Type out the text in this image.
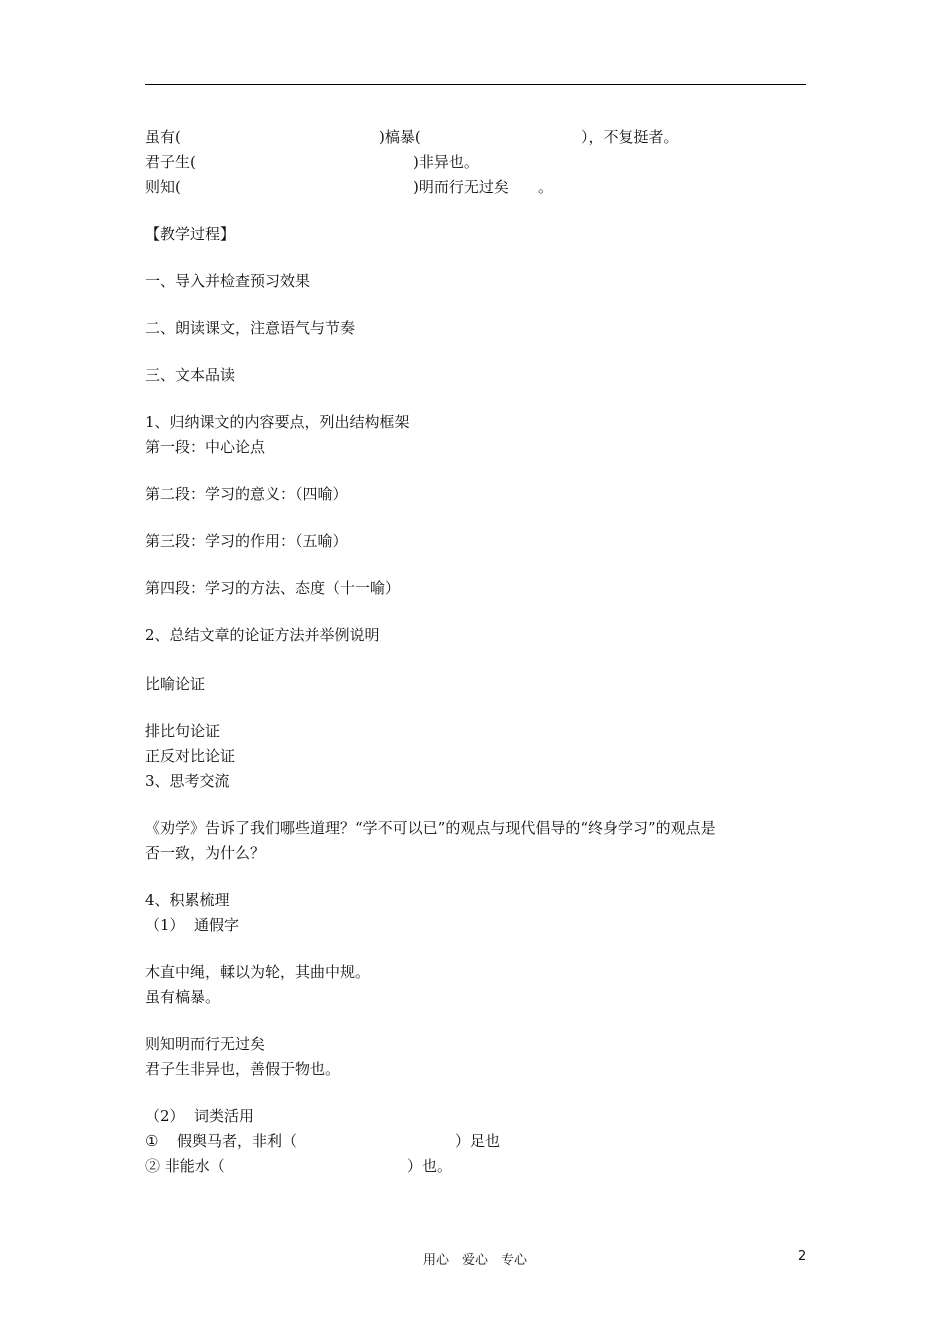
虽有(	)槁暴(	），不复挺者。
君子生(	)非异也。
则知(	)明而行无过矣 。
【教学过程】
一、导入并检查预习效果
二、朗读课文，注意语气与节奏
三、文本品读
1、归纳课文的内容要点，列出结构框架
第一段：中心论点
第二段：学习的意义：（四喻）
第三段：学习的作用：（五喻）
第四段：学习的方法、态度（十一喻）
2、总结文章的论证方法并举例说明
比喻论证
排比句论证
正反对比论证
3、思考交流
《劝学》告诉了我们哪些道理？“学不可以已”的观点与现代倡导的“终身学习”的观点是
否一致，为什么？
4、积累梳理
（1） 通假字
木直中绳，輮以为轮，其曲中规。
虽有槁暴。
则知明而行无过矣
君子生非异也，善假于物也。
（2） 词类活用
① 假舆马者，非利（	）足也
② 非能水（	）也。
用心　爱心　专心	2
